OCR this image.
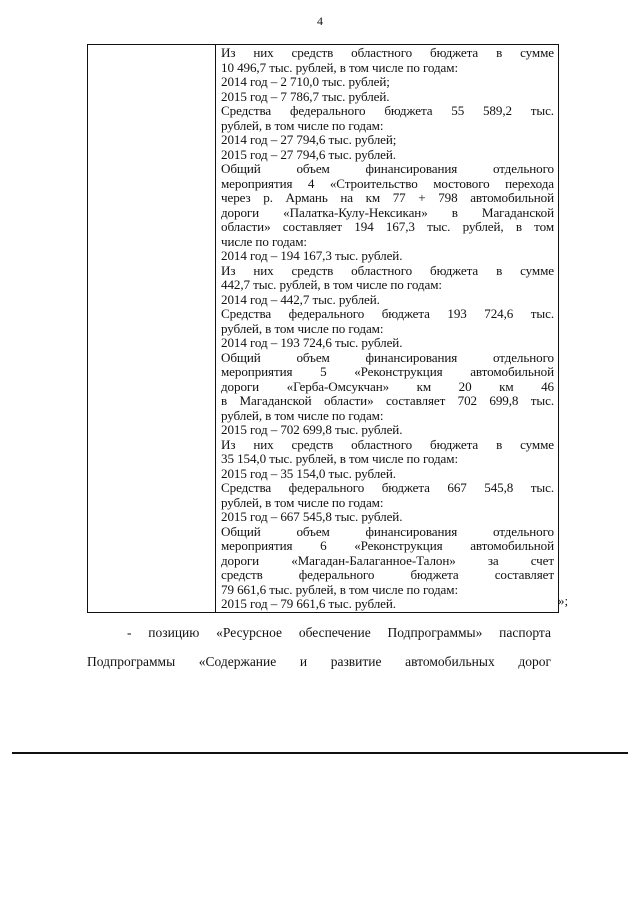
4

Из них средств областного бюджета в сумме
10 496,7 тыс. рублей, в том числе по годам:
2014 год – 2 710,0 тыс. рублей;
2015 год – 7 786,7 тыс. рублей.
Средства федерального бюджета 55 589,2 тыс.
рублей, в том числе по годам:
2014 год – 27 794,6 тыс. рублей;
2015 год – 27 794,6 тыс. рублей.
Общий объем финансирования отдельного
мероприятия 4 «Строительство мостового перехода
через р. Армань на км 77 + 798 автомобильной
дороги «Палатка-Кулу-Нексикан» в Магаданской
области» составляет 194 167,3 тыс. рублей, в том
числе по годам:
2014 год – 194 167,3 тыс. рублей.
Из них средств областного бюджета в сумме
442,7 тыс. рублей, в том числе по годам:
2014 год – 442,7 тыс. рублей.
Средства федерального бюджета 193 724,6 тыс.
рублей, в том числе по годам:
2014 год – 193 724,6 тыс. рублей.
Общий объем финансирования отдельного
мероприятия 5 «Реконструкция автомобильной
дороги «Герба-Омсукчан» км 20 км 46
в Магаданской области» составляет 702 699,8 тыс.
рублей, в том числе по годам:
2015 год – 702 699,8 тыс. рублей.
Из них средств областного бюджета в сумме
35 154,0 тыс. рублей, в том числе по годам:
2015 год – 35 154,0 тыс. рублей.
Средства федерального бюджета 667 545,8 тыс.
рублей, в том числе по годам:
2015 год – 667 545,8 тыс. рублей.
Общий объем финансирования отдельного
мероприятия 6 «Реконструкция автомобильной
дороги «Магадан-Балаганное-Талон» за счет
средств федерального бюджета составляет
79 661,6 тыс. рублей, в том числе по годам:
2015 год – 79 661,6 тыс. рублей.	»;
- позицию «Ресурсное обеспечение Подпрограммы» паспорта
Подпрограммы «Содержание и развитие автомобильных дорог
